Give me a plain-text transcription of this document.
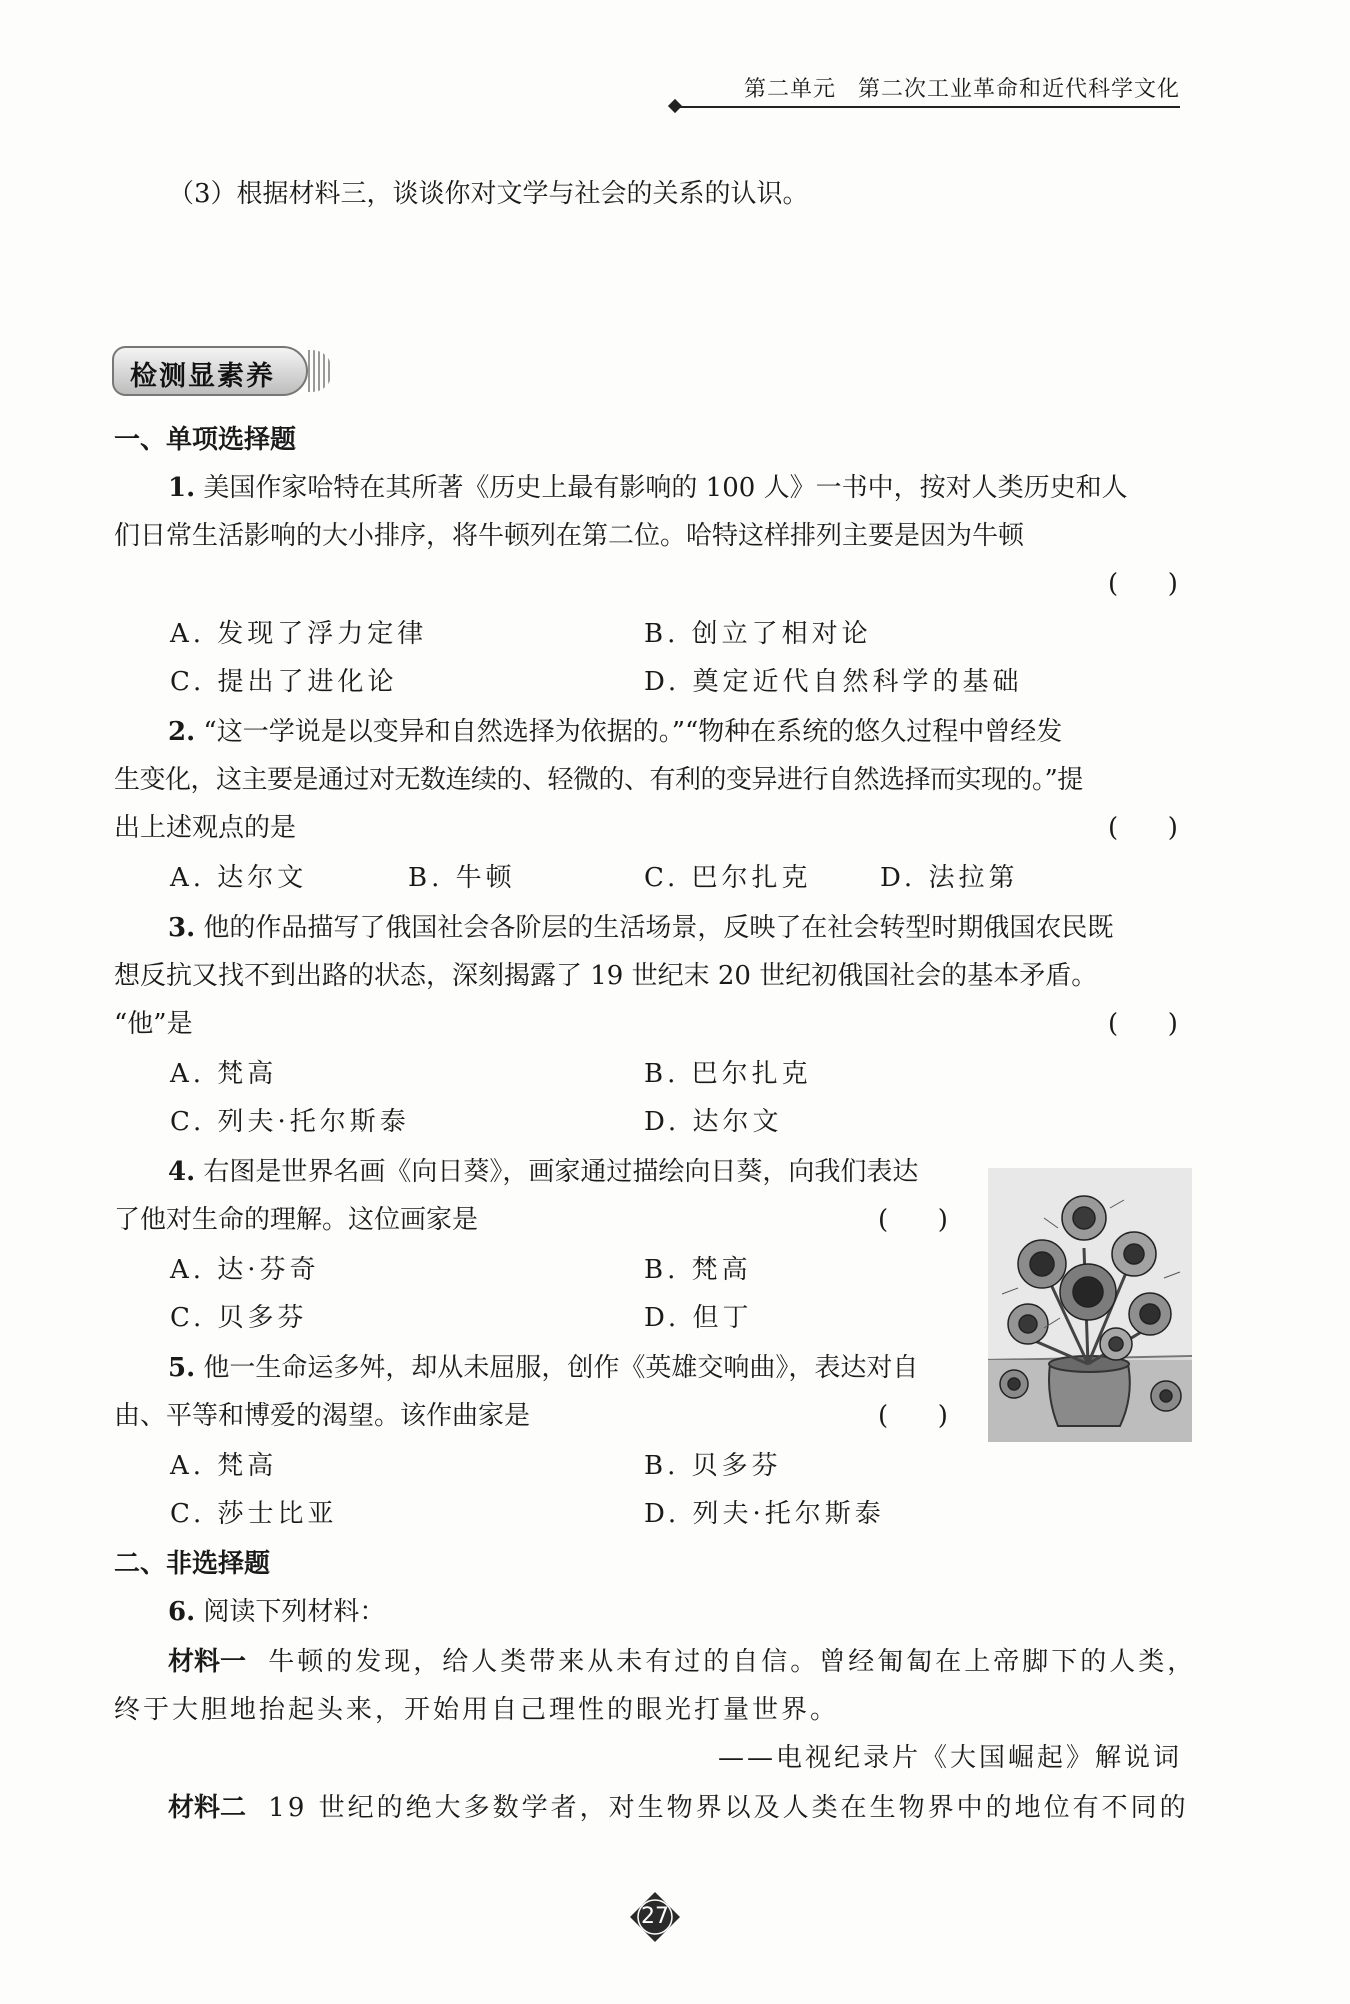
第二单元 第二次工业革命和近代科学文化
（3）根据材料三，谈谈你对文学与社会的关系的认识。
检测显素养
一、单项选择题
1. 美国作家哈特在其所著《历史上最有影响的 100 人》一书中，按对人类历史和人
们日常生活影响的大小排序，将牛顿列在第二位。哈特这样排列主要是因为牛顿
(      )
A. 发现了浮力定律	B. 创立了相对论
C. 提出了进化论	D. 奠定近代自然科学的基础
2. “这一学说是以变异和自然选择为依据的。”“物种在系统的悠久过程中曾经发
生变化，这主要是通过对无数连续的、轻微的、有利的变异进行自然选择而实现的。”提
出上述观点的是	(      )
A. 达尔文	B. 牛顿	C. 巴尔扎克	D. 法拉第
3. 他的作品描写了俄国社会各阶层的生活场景，反映了在社会转型时期俄国农民既
想反抗又找不到出路的状态，深刻揭露了 19 世纪末 20 世纪初俄国社会的基本矛盾。
“他”是	(      )
A. 梵高	B. 巴尔扎克
C. 列夫·托尔斯泰	D. 达尔文
4. 右图是世界名画《向日葵》，画家通过描绘向日葵，向我们表达
了他对生命的理解。这位画家是	(      )
A. 达·芬奇	B. 梵高
C. 贝多芬	D. 但丁
5. 他一生命运多舛，却从未屈服，创作《英雄交响曲》，表达对自
由、平等和博爱的渴望。该作曲家是	(      )
A. 梵高	B. 贝多芬
C. 莎士比亚	D. 列夫·托尔斯泰
二、非选择题
6. 阅读下列材料：
材料一 牛顿的发现，给人类带来从未有过的自信。曾经匍匐在上帝脚下的人类，
终于大胆地抬起头来，开始用自己理性的眼光打量世界。
——电视纪录片《大国崛起》解说词
材料二 19 世纪的绝大多数学者，对生物界以及人类在生物界中的地位有不同的
27
